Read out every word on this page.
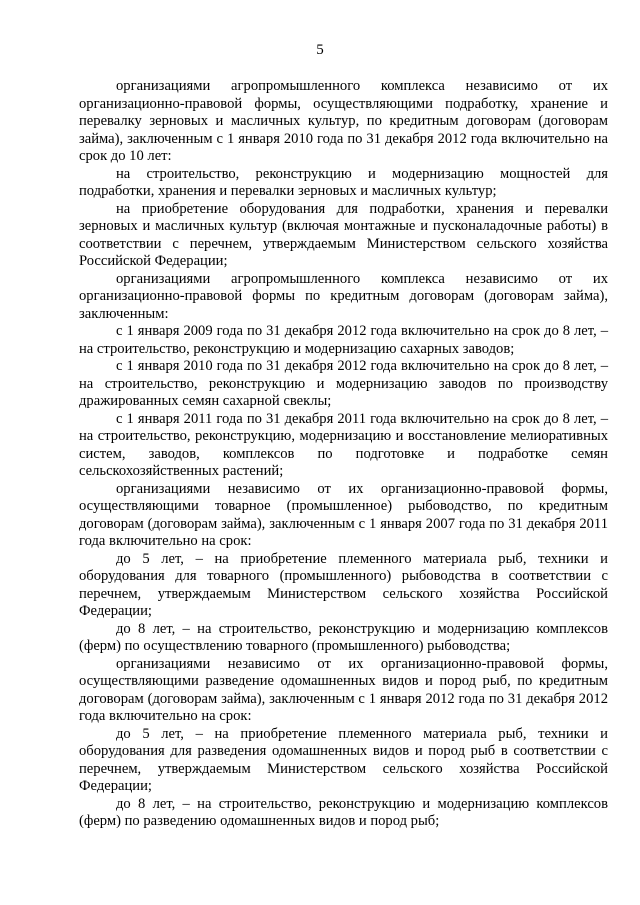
5

организациями агропромышленного комплекса независимо от их организационно-правовой формы, осуществляющими подработку, хранение и перевалку зерновых и масличных культур, по кредитным договорам (договорам займа), заключенным с 1 января 2010 года по 31 декабря 2012 года включительно на срок до 10 лет:

на строительство, реконструкцию и модернизацию мощностей для подработки, хранения и перевалки зерновых и масличных культур;

на приобретение оборудования для подработки, хранения и перевалки зерновых и масличных культур (включая монтажные и пусконаладочные работы) в соответствии с перечнем, утверждаемым Министерством сельского хозяйства Российской Федерации;

организациями агропромышленного комплекса независимо от их организационно-правовой формы по кредитным договорам (договорам займа), заключенным:

с 1 января 2009 года по 31 декабря 2012 года включительно на срок до 8 лет, – на строительство, реконструкцию и модернизацию сахарных заводов;

с 1 января 2010 года по 31 декабря 2012 года включительно на срок до 8 лет, – на строительство, реконструкцию и модернизацию заводов по производству дражированных семян сахарной свеклы;

с 1 января 2011 года по 31 декабря 2011 года включительно на срок до 8 лет, – на строительство, реконструкцию, модернизацию и восстановление мелиоративных систем, заводов, комплексов по подготовке и подработке семян сельскохозяйственных растений;

организациями независимо от их организационно-правовой формы, осуществляющими товарное (промышленное) рыбоводство, по кредитным договорам (договорам займа), заключенным с 1 января 2007 года по 31 декабря 2011 года включительно на срок:

до 5 лет, – на приобретение племенного материала рыб, техники и оборудования для товарного (промышленного) рыбоводства в соответствии с перечнем, утверждаемым Министерством сельского хозяйства Российской Федерации;

до 8 лет, – на строительство, реконструкцию и модернизацию комплексов (ферм) по осуществлению товарного (промышленного) рыбоводства;

организациями независимо от их организационно-правовой формы, осуществляющими разведение одомашненных видов и пород рыб, по кредитным договорам (договорам займа), заключенным с 1 января 2012 года по 31 декабря 2012 года включительно на срок:

до 5 лет, – на приобретение племенного материала рыб, техники и оборудования для разведения одомашненных видов и пород рыб в соответствии с перечнем, утверждаемым Министерством сельского хозяйства Российской Федерации;

до 8 лет, – на строительство, реконструкцию и модернизацию комплексов (ферм) по разведению одомашненных видов и пород рыб;
